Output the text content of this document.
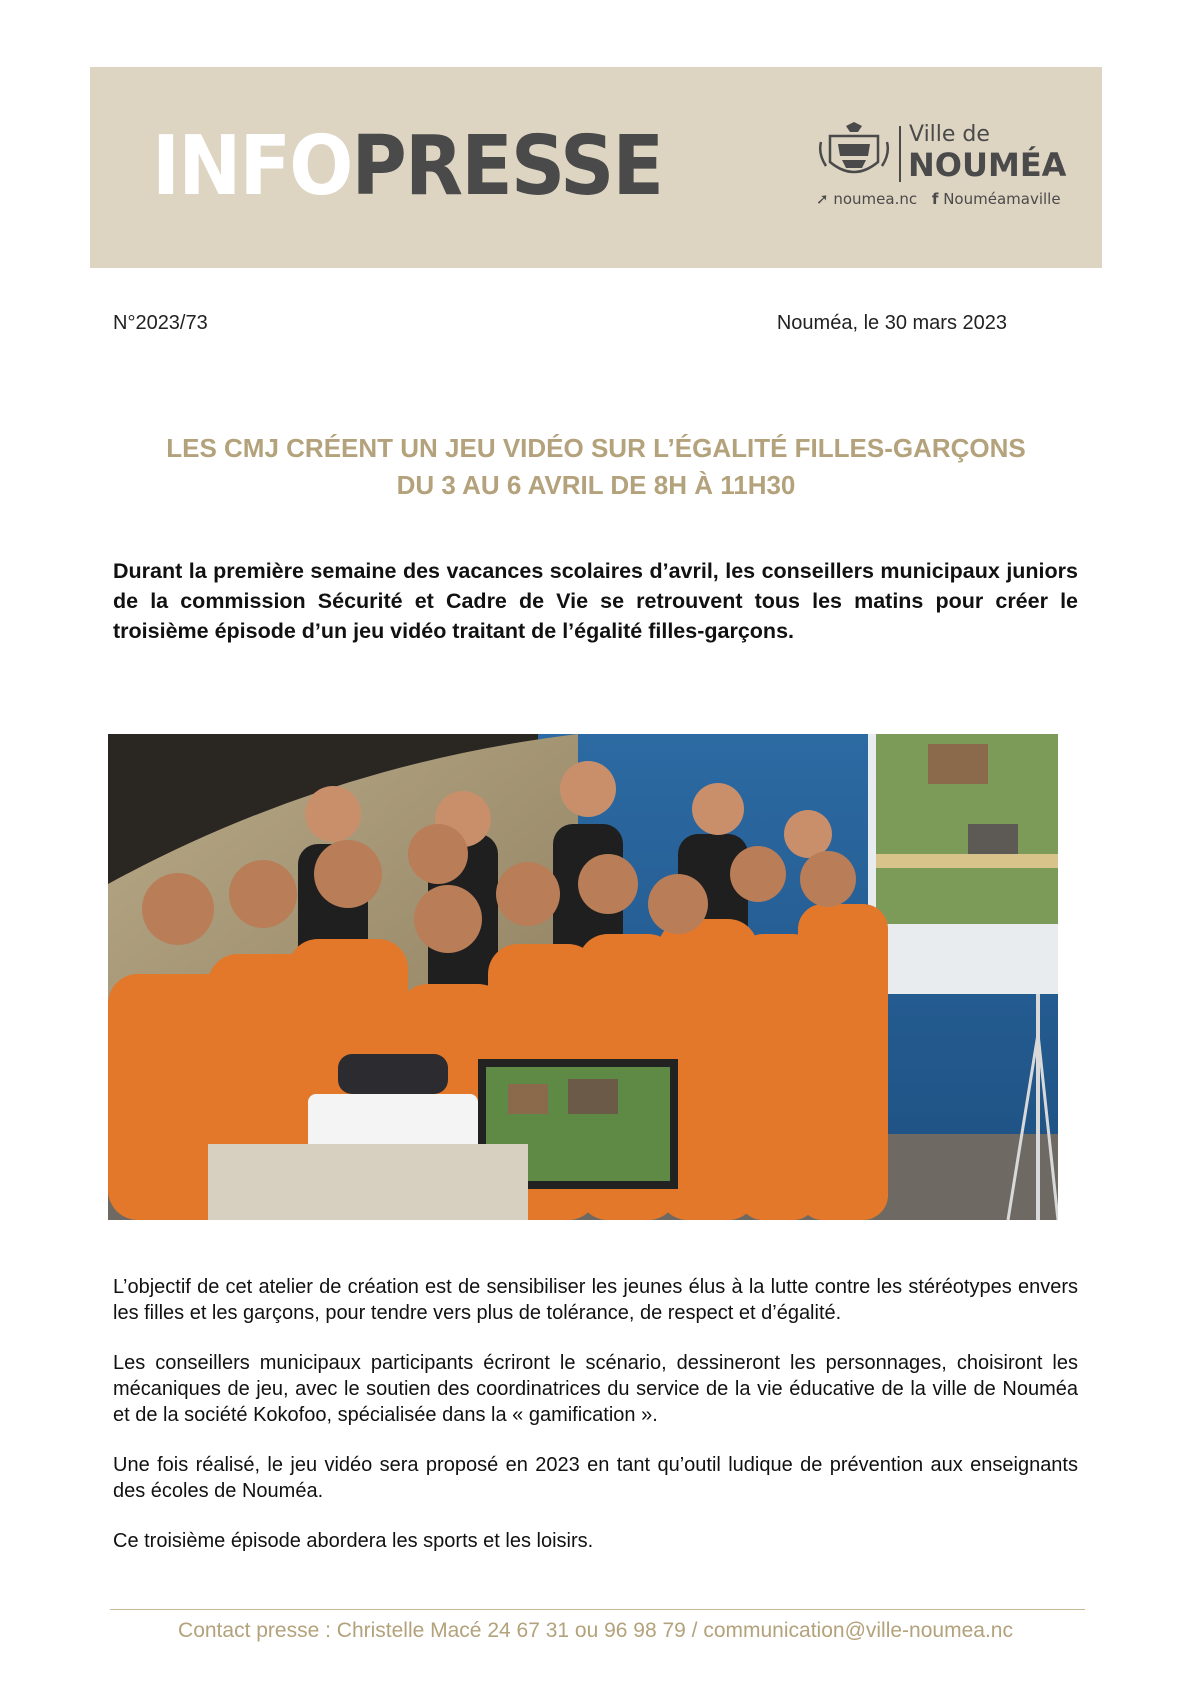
INFOPRESSE	Ville de
NOUMÉA
➚ noumea.nc f Nouméamaville
N°2023/73	Nouméa, le 30 mars 2023
LES CMJ CRÉENT UN JEU VIDÉO SUR L’ÉGALITÉ FILLES-GARÇONS
DU 3 AU 6 AVRIL DE 8H À 11H30
Durant la première semaine des vacances scolaires d’avril, les conseillers municipaux juniors de la commission Sécurité et Cadre de Vie se retrouvent tous les matins pour créer le troisième épisode d’un jeu vidéo traitant de l’égalité filles-garçons.
L’objectif de cet atelier de création est de sensibiliser les jeunes élus à la lutte contre les stéréotypes envers les filles et les garçons, pour tendre vers plus de tolérance, de respect et d’égalité.
Les conseillers municipaux participants écriront le scénario, dessineront les personnages, choisiront les mécaniques de jeu, avec le soutien des coordinatrices du service de la vie éducative de la ville de Nouméa et de la société Kokofoo, spécialisée dans la « gamification ».
Une fois réalisé, le jeu vidéo sera proposé en 2023 en tant qu’outil ludique de prévention aux enseignants des écoles de Nouméa.
Ce troisième épisode abordera les sports et les loisirs.
Contact presse : Christelle Macé 24 67 31 ou 96 98 79 / communication@ville-noumea.nc
